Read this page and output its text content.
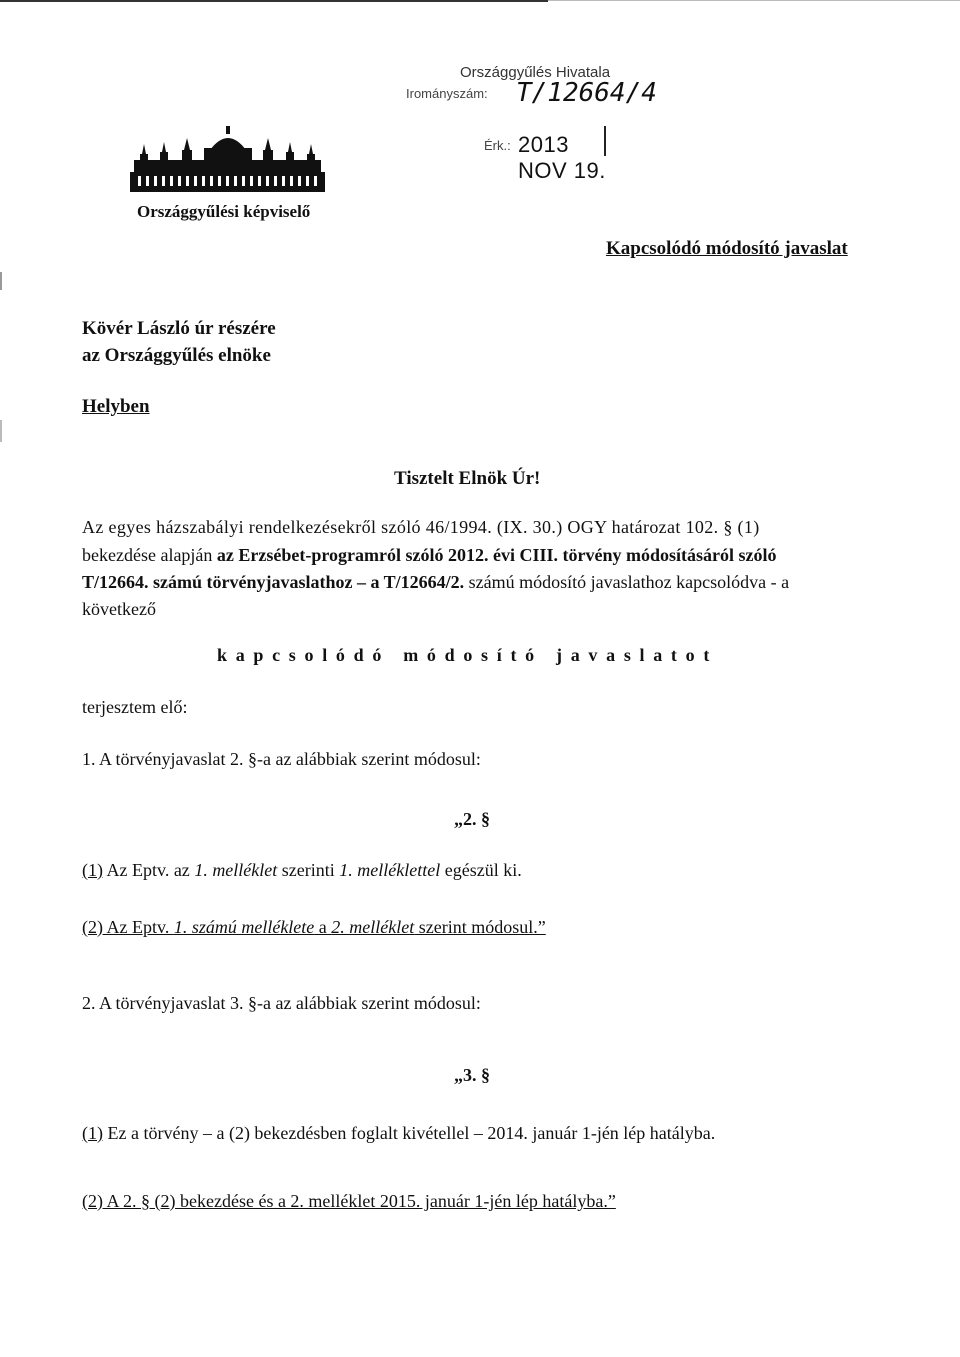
Országgyűlés Hivatala
Irományszám: T/12664/4
Érk.: 2013 NOV 19.

Országgyűlési képviselő

Kapcsolódó módosító javaslat

Kövér László úr részére

az Országgyűlés elnöke

Helyben

Tisztelt Elnök Úr!

Az egyes házszabályi rendelkezésekről szóló 46/1994. (IX. 30.) OGY határozat 102. § (1)

bekezdése alapján az Erzsébet-programról szóló 2012. évi CIII. törvény módosításáról szóló

T/12664. számú törvényjavaslathoz – a T/12664/2. számú módosító javaslathoz kapcsolódva - a

következő

kapcsolódó módosító javaslatot

terjesztem elő:

1. A törvényjavaslat 2. §-a az alábbiak szerint módosul:

„2. §

(1) Az Eptv. az 1. melléklet szerinti 1. melléklettel egészül ki.

(2) Az Eptv. 1. számú melléklete a 2. melléklet szerint módosul.”

2. A törvényjavaslat 3. §-a az alábbiak szerint módosul:

„3. §

(1) Ez a törvény – a (2) bekezdésben foglalt kivétellel – 2014. január 1-jén lép hatályba.

(2) A 2. § (2) bekezdése és a 2. melléklet 2015. január 1-jén lép hatályba.”
